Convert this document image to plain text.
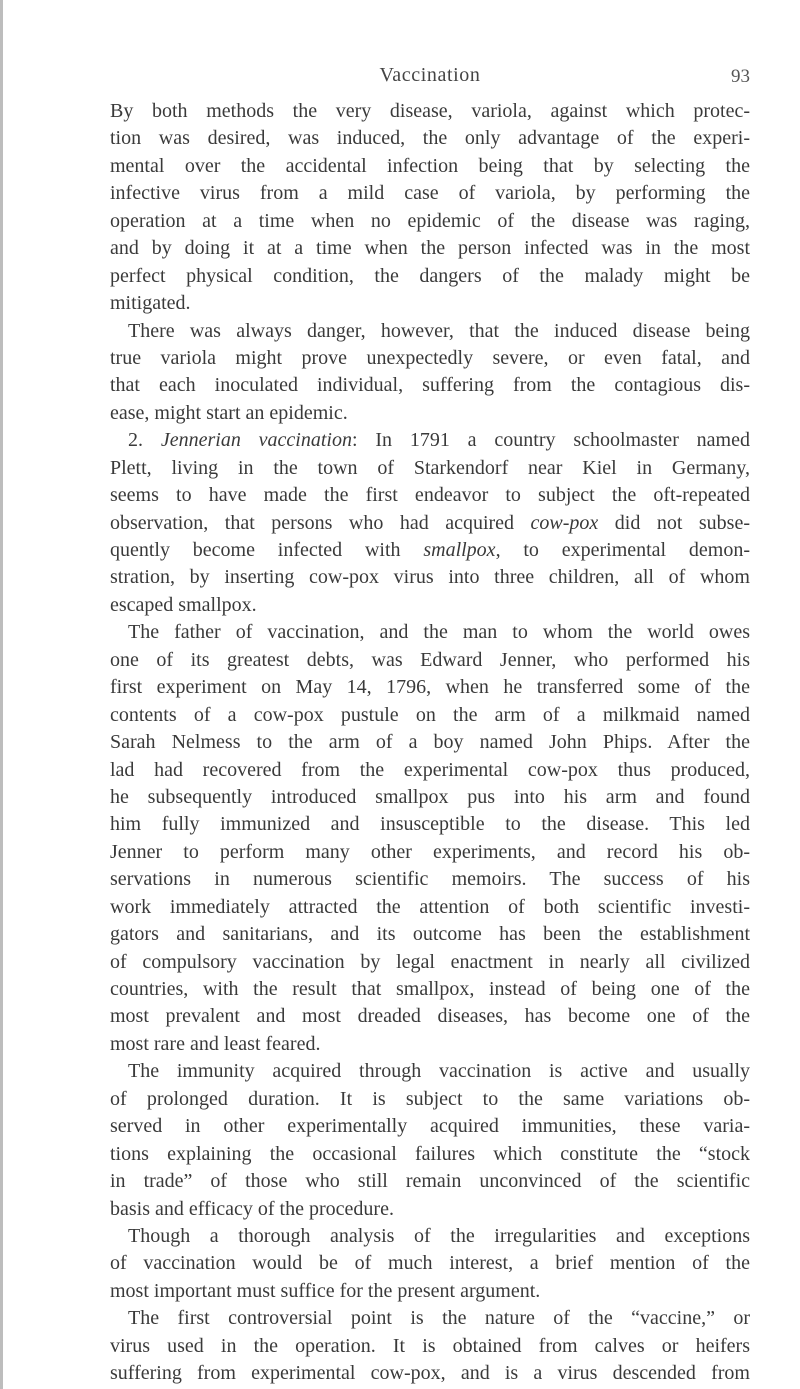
Vaccination	93
By both methods the very disease, variola, against which protec-
tion was desired, was induced, the only advantage of the experi-
mental over the accidental infection being that by selecting the
infective virus from a mild case of variola, by performing the
operation at a time when no epidemic of the disease was raging,
and by doing it at a time when the person infected was in the most
perfect physical condition, the dangers of the malady might be
mitigated.
There was always danger, however, that the induced disease being
true variola might prove unexpectedly severe, or even fatal, and
that each inoculated individual, suffering from the contagious dis-
ease, might start an epidemic.
2. Jennerian vaccination: In 1791 a country schoolmaster named
Plett, living in the town of Starkendorf near Kiel in Germany,
seems to have made the first endeavor to subject the oft-repeated
observation, that persons who had acquired cow-pox did not subse-
quently become infected with smallpox, to experimental demon-
stration, by inserting cow-pox virus into three children, all of whom
escaped smallpox.
The father of vaccination, and the man to whom the world owes
one of its greatest debts, was Edward Jenner, who performed his
first experiment on May 14, 1796, when he transferred some of the
contents of a cow-pox pustule on the arm of a milkmaid named
Sarah Nelmess to the arm of a boy named John Phips. After the
lad had recovered from the experimental cow-pox thus produced,
he subsequently introduced smallpox pus into his arm and found
him fully immunized and insusceptible to the disease. This led
Jenner to perform many other experiments, and record his ob-
servations in numerous scientific memoirs. The success of his
work immediately attracted the attention of both scientific investi-
gators and sanitarians, and its outcome has been the establishment
of compulsory vaccination by legal enactment in nearly all civilized
countries, with the result that smallpox, instead of being one of the
most prevalent and most dreaded diseases, has become one of the
most rare and least feared.
The immunity acquired through vaccination is active and usually
of prolonged duration. It is subject to the same variations ob-
served in other experimentally acquired immunities, these varia-
tions explaining the occasional failures which constitute the “stock
in trade” of those who still remain unconvinced of the scientific
basis and efficacy of the procedure.
Though a thorough analysis of the irregularities and exceptions
of vaccination would be of much interest, a brief mention of the
most important must suffice for the present argument.
The first controversial point is the nature of the “vaccine,” or
virus used in the operation. It is obtained from calves or heifers
suffering from experimental cow-pox, and is a virus descended from
